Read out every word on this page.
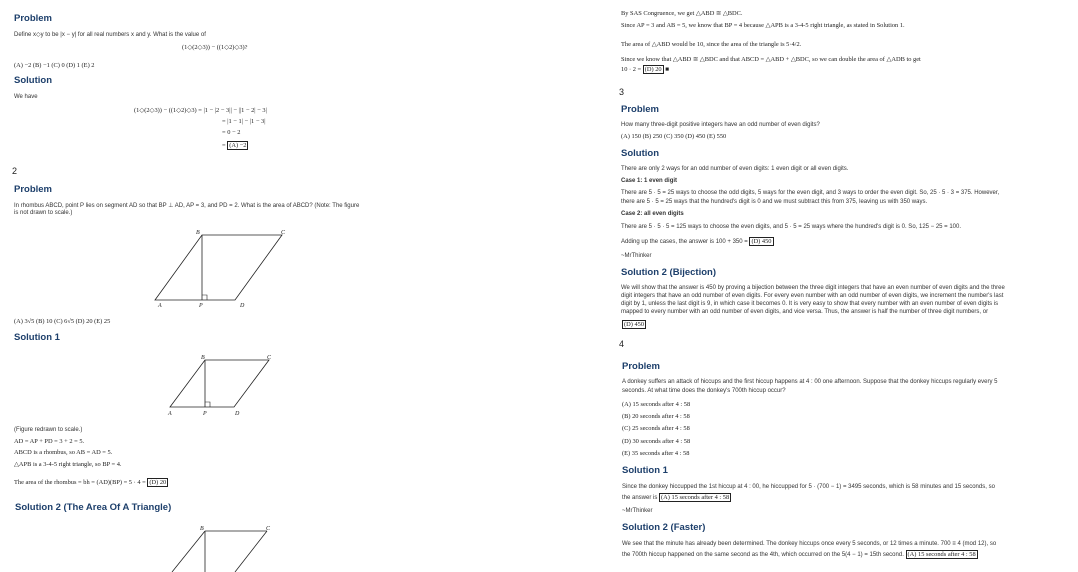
Problem
Define x◇y to be |x − y| for all real numbers x and y. What is the value of
(1◇(2◇3)) − ((1◇2)◇3)?
(A) −2 (B) −1 (C) 0 (D) 1 (E) 2
Solution
We have
(1◇(2◇3)) − ((1◇2)◇3) = |1 − |2 − 3|| − ||1 − 2| − 3|
= |1 − 1| − |1 − 3|
= 0 − 2
= (A) −2
2
Problem
In rhombus ABCD, point P lies on segment AD so that BP ⊥ AD, AP = 3, and PD = 2. What is the area of ABCD? (Note: The figure
is not drawn to scale.)
B	C
A	P	D
(A) 3√5 (B) 10 (C) 6√5 (D) 20 (E) 25
Solution 1
B	C
A	P	D
(Figure redrawn to scale.)
AD = AP + PD = 3 + 2 = 5.
ABCD is a rhombus, so AB = AD = 5.
△APB is a 3-4-5 right triangle, so BP = 4.
The area of the rhombus = bh = (AD)(BP) = 5 · 4 = (D) 20
Solution 2 (The Area Of A Triangle)
B	C
By SAS Congruence, we get △ABD ≅ △BDC.
Since AP = 3 and AB = 5, we know that BP = 4 because △APB is a 3-4-5 right triangle, as stated in Solution 1.
The area of △ABD would be 10, since the area of the triangle is 5·4/2.
Since we know that △ABD ≅ △BDC and that ABCD = △ABD + △BDC, so we can double the area of △ADB to get
10 · 2 = (D) 20 ■
3
Problem
How many three-digit positive integers have an odd number of even digits?
(A) 150 (B) 250 (C) 350 (D) 450 (E) 550
Solution
There are only 2 ways for an odd number of even digits: 1 even digit or all even digits.
Case 1: 1 even digit
There are 5 · 5 = 25 ways to choose the odd digits, 5 ways for the even digit, and 3 ways to order the even digit. So, 25 · 5 · 3 = 375. However,
there are 5 · 5 = 25 ways that the hundred's digit is 0 and we must subtract this from 375, leaving us with 350 ways.
Case 2: all even digits
There are 5 · 5 · 5 = 125 ways to choose the even digits, and 5 · 5 = 25 ways where the hundred's digit is 0. So, 125 − 25 = 100.
Adding up the cases, the answer is 100 + 350 = (D) 450
~MrThinker
Solution 2 (Bijection)
We will show that the answer is 450 by proving a bijection between the three digit integers that have an even number of even digits and the three
digit integers that have an odd number of even digits. For every even number with an odd number of even digits, we increment the number's last
digit by 1, unless the last digit is 9, in which case it becomes 0. It is very easy to show that every number with an even number of even digits is
mapped to every number with an odd number of even digits, and vice versa. Thus, the answer is half the number of three digit numbers, or
(D) 450
4
Problem
A donkey suffers an attack of hiccups and the first hiccup happens at 4 : 00 one afternoon. Suppose that the donkey hiccups regularly every 5
seconds. At what time does the donkey's 700th hiccup occur?
(A) 15 seconds after 4 : 58
(B) 20 seconds after 4 : 58
(C) 25 seconds after 4 : 58
(D) 30 seconds after 4 : 58
(E) 35 seconds after 4 : 58
Solution 1
Since the donkey hiccupped the 1st hiccup at 4 : 00, he hiccupped for 5 · (700 − 1) = 3495 seconds, which is 58 minutes and 15 seconds, so
the answer is (A) 15 seconds after 4 : 58
~MrThinker
Solution 2 (Faster)
We see that the minute has already been determined. The donkey hiccups once every 5 seconds, or 12 times a minute. 700 ≡ 4 (mod 12), so
the 700th hiccup happened on the same second as the 4th, which occurred on the 5(4 − 1) = 15th second. (A) 15 seconds after 4 : 58
